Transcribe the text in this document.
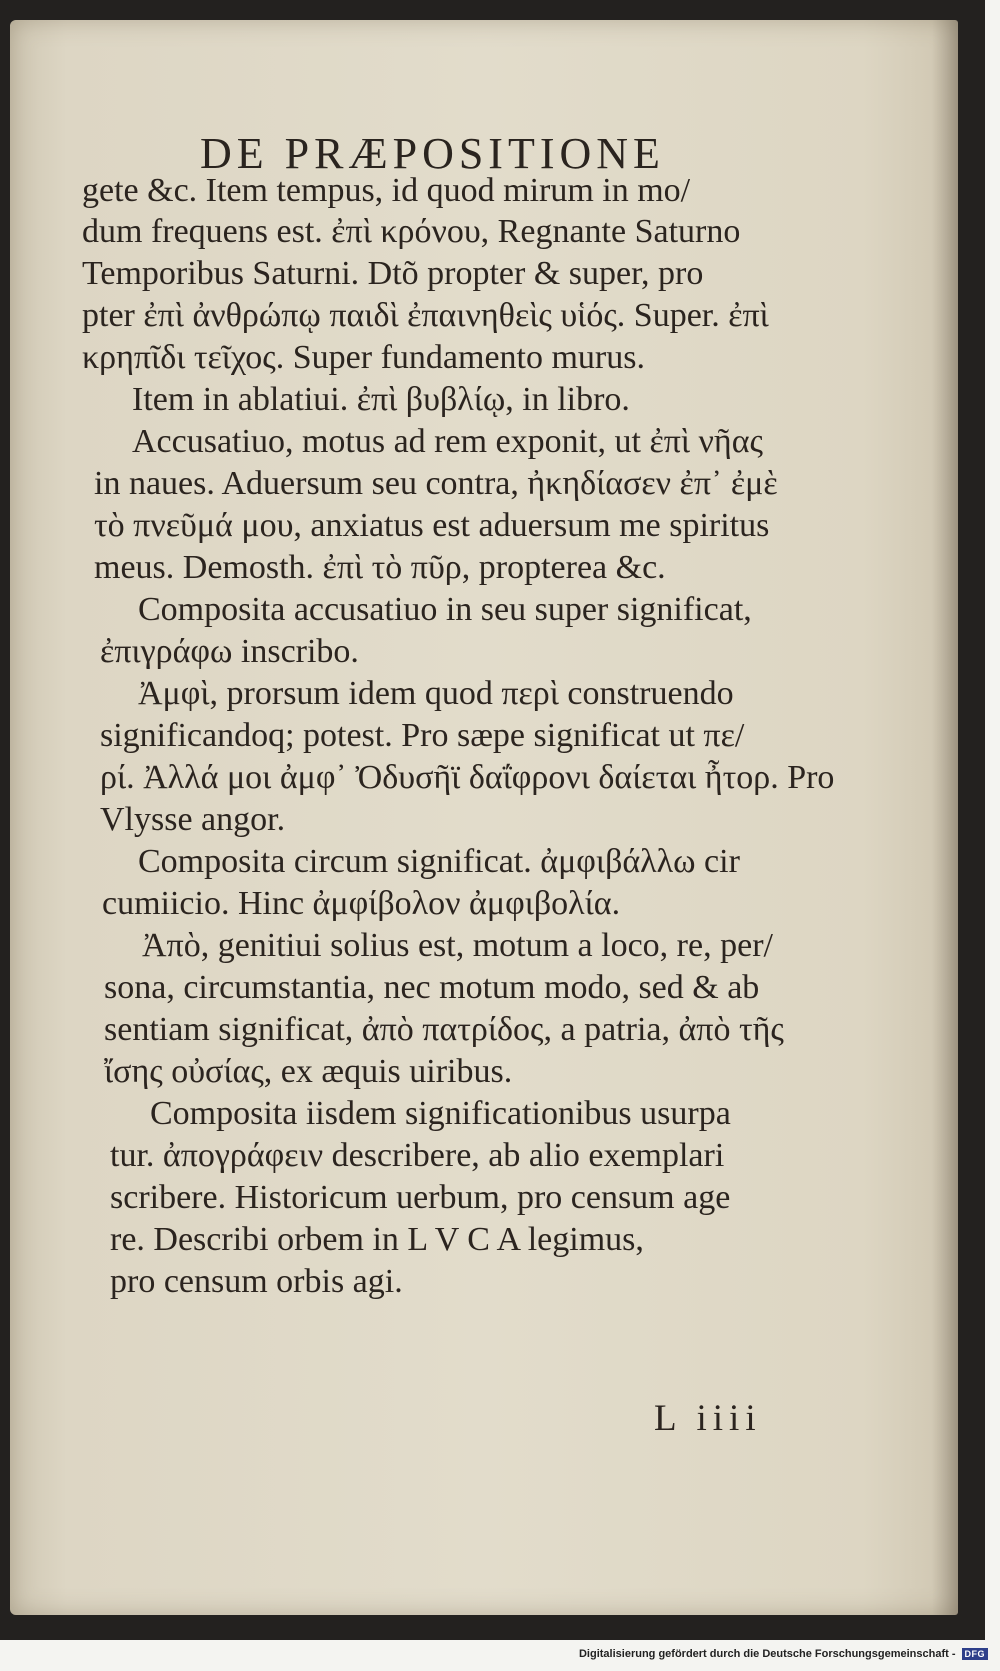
DE PRÆPOSITIONE

gete &c. Item tempus, id quod mirum in mo/

dum frequens est. ἐπὶ κρόνου, Regnante Saturno

Temporibus Saturni. Dtõ propter & super, pro

pter ἐπὶ ἀνθρώπῳ παιδὶ ἐπαινηθεὶς υἱός. Super. ἐπὶ

κρηπῖδι τεῖχος. Super fundamento murus.

Item in ablatiui. ἐπὶ βυβλίῳ, in libro.

Accusatiuo, motus ad rem exponit, ut ἐπὶ νῆας

in naues. Aduersum seu contra, ἠκηδίασεν ἐπ᾽ ἐμὲ

τὸ πνεῦμά μου, anxiatus est aduersum me spiritus

meus. Demosth. ἐπὶ τὸ πῦρ, propterea &c.

Composita accusatiuo in seu super significat,

ἐπιγράφω inscribo.

Ἀμφὶ, prorsum idem quod περὶ construendo

significandoq; potest. Pro sæpe significat ut πε/

ρί. Ἀλλά μοι ἀμφ᾽ Ὀδυσῆϊ δαΐφρονι δαίεται ἦτορ. Pro

Vlysse angor.

Composita circum significat. ἀμφιβάλλω cir

cumiicio. Hinc ἀμφίβολον ἀμφιβολία.

Ἀπὸ, genitiui solius est, motum a loco, re, per/

sona, circumstantia, nec motum modo, sed & ab

sentiam significat, ἀπὸ πατρίδος, a patria, ἀπὸ τῆς

ἴσης οὐσίας, ex æquis uiribus.

Composita iisdem significationibus usurpa

tur. ἀπογράφειν describere, ab alio exemplari

scribere. Historicum uerbum, pro censum age

re. Describi orbem in L V C A legimus,

pro censum orbis agi.

L iiii

Digitalisierung gefördert durch die Deutsche Forschungsgemeinschaft -	DFG
